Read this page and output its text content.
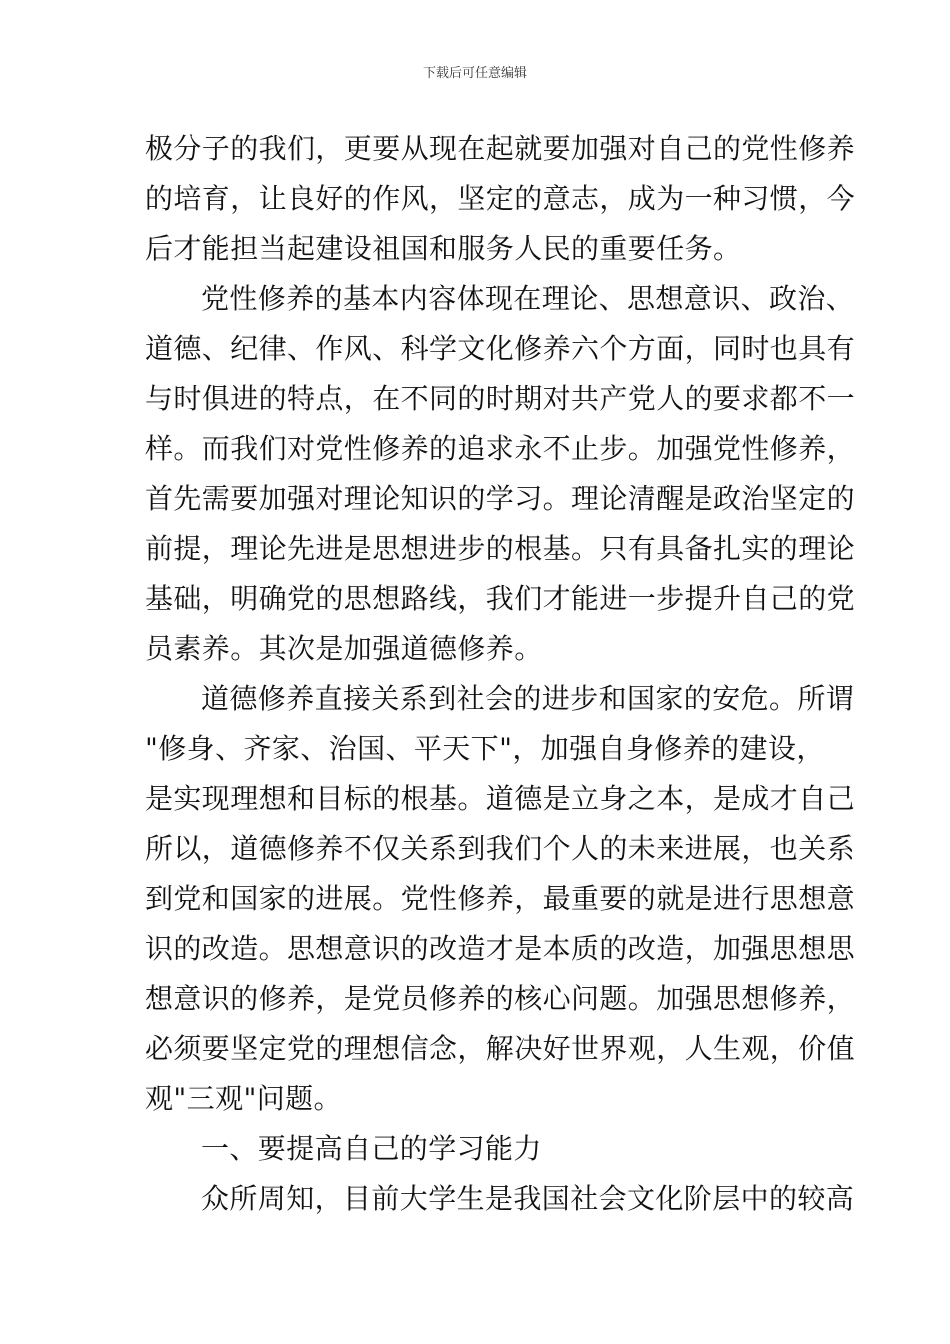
下载后可任意编辑
极分子的我们，更要从现在起就要加强对自己的党性修养
的培育，让良好的作风，坚定的意志，成为一种习惯，今
后才能担当起建设祖国和服务人民的重要任务。
党性修养的基本内容体现在理论、思想意识、政治、
道德、纪律、作风、科学文化修养六个方面，同时也具有
与时俱进的特点，在不同的时期对共产党人的要求都不一
样。而我们对党性修养的追求永不止步。加强党性修养，
首先需要加强对理论知识的学习。理论清醒是政治坚定的
前提，理论先进是思想进步的根基。只有具备扎实的理论
基础，明确党的思想路线，我们才能进一步提升自己的党
员素养。其次是加强道德修养。
道德修养直接关系到社会的进步和国家的安危。所谓
"修身、齐家、治国、平天下"，加强自身修养的建设，
是实现理想和目标的根基。道德是立身之本，是成才自己
所以，道德修养不仅关系到我们个人的未来进展，也关系
到党和国家的进展。党性修养，最重要的就是进行思想意
识的改造。思想意识的改造才是本质的改造，加强思想思
想意识的修养，是党员修养的核心问题。加强思想修养，
必须要坚定党的理想信念，解决好世界观，人生观，价值
观"三观"问题。
一、要提高自己的学习能力
众所周知，目前大学生是我国社会文化阶层中的较高
